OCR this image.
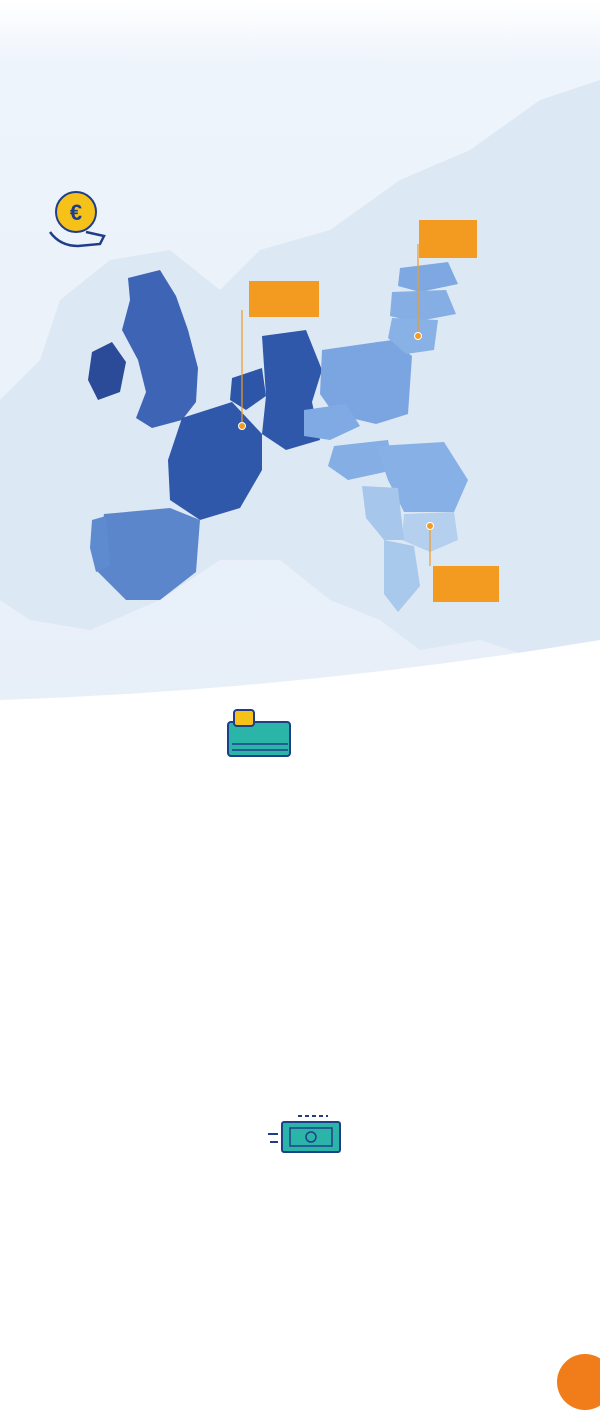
€
